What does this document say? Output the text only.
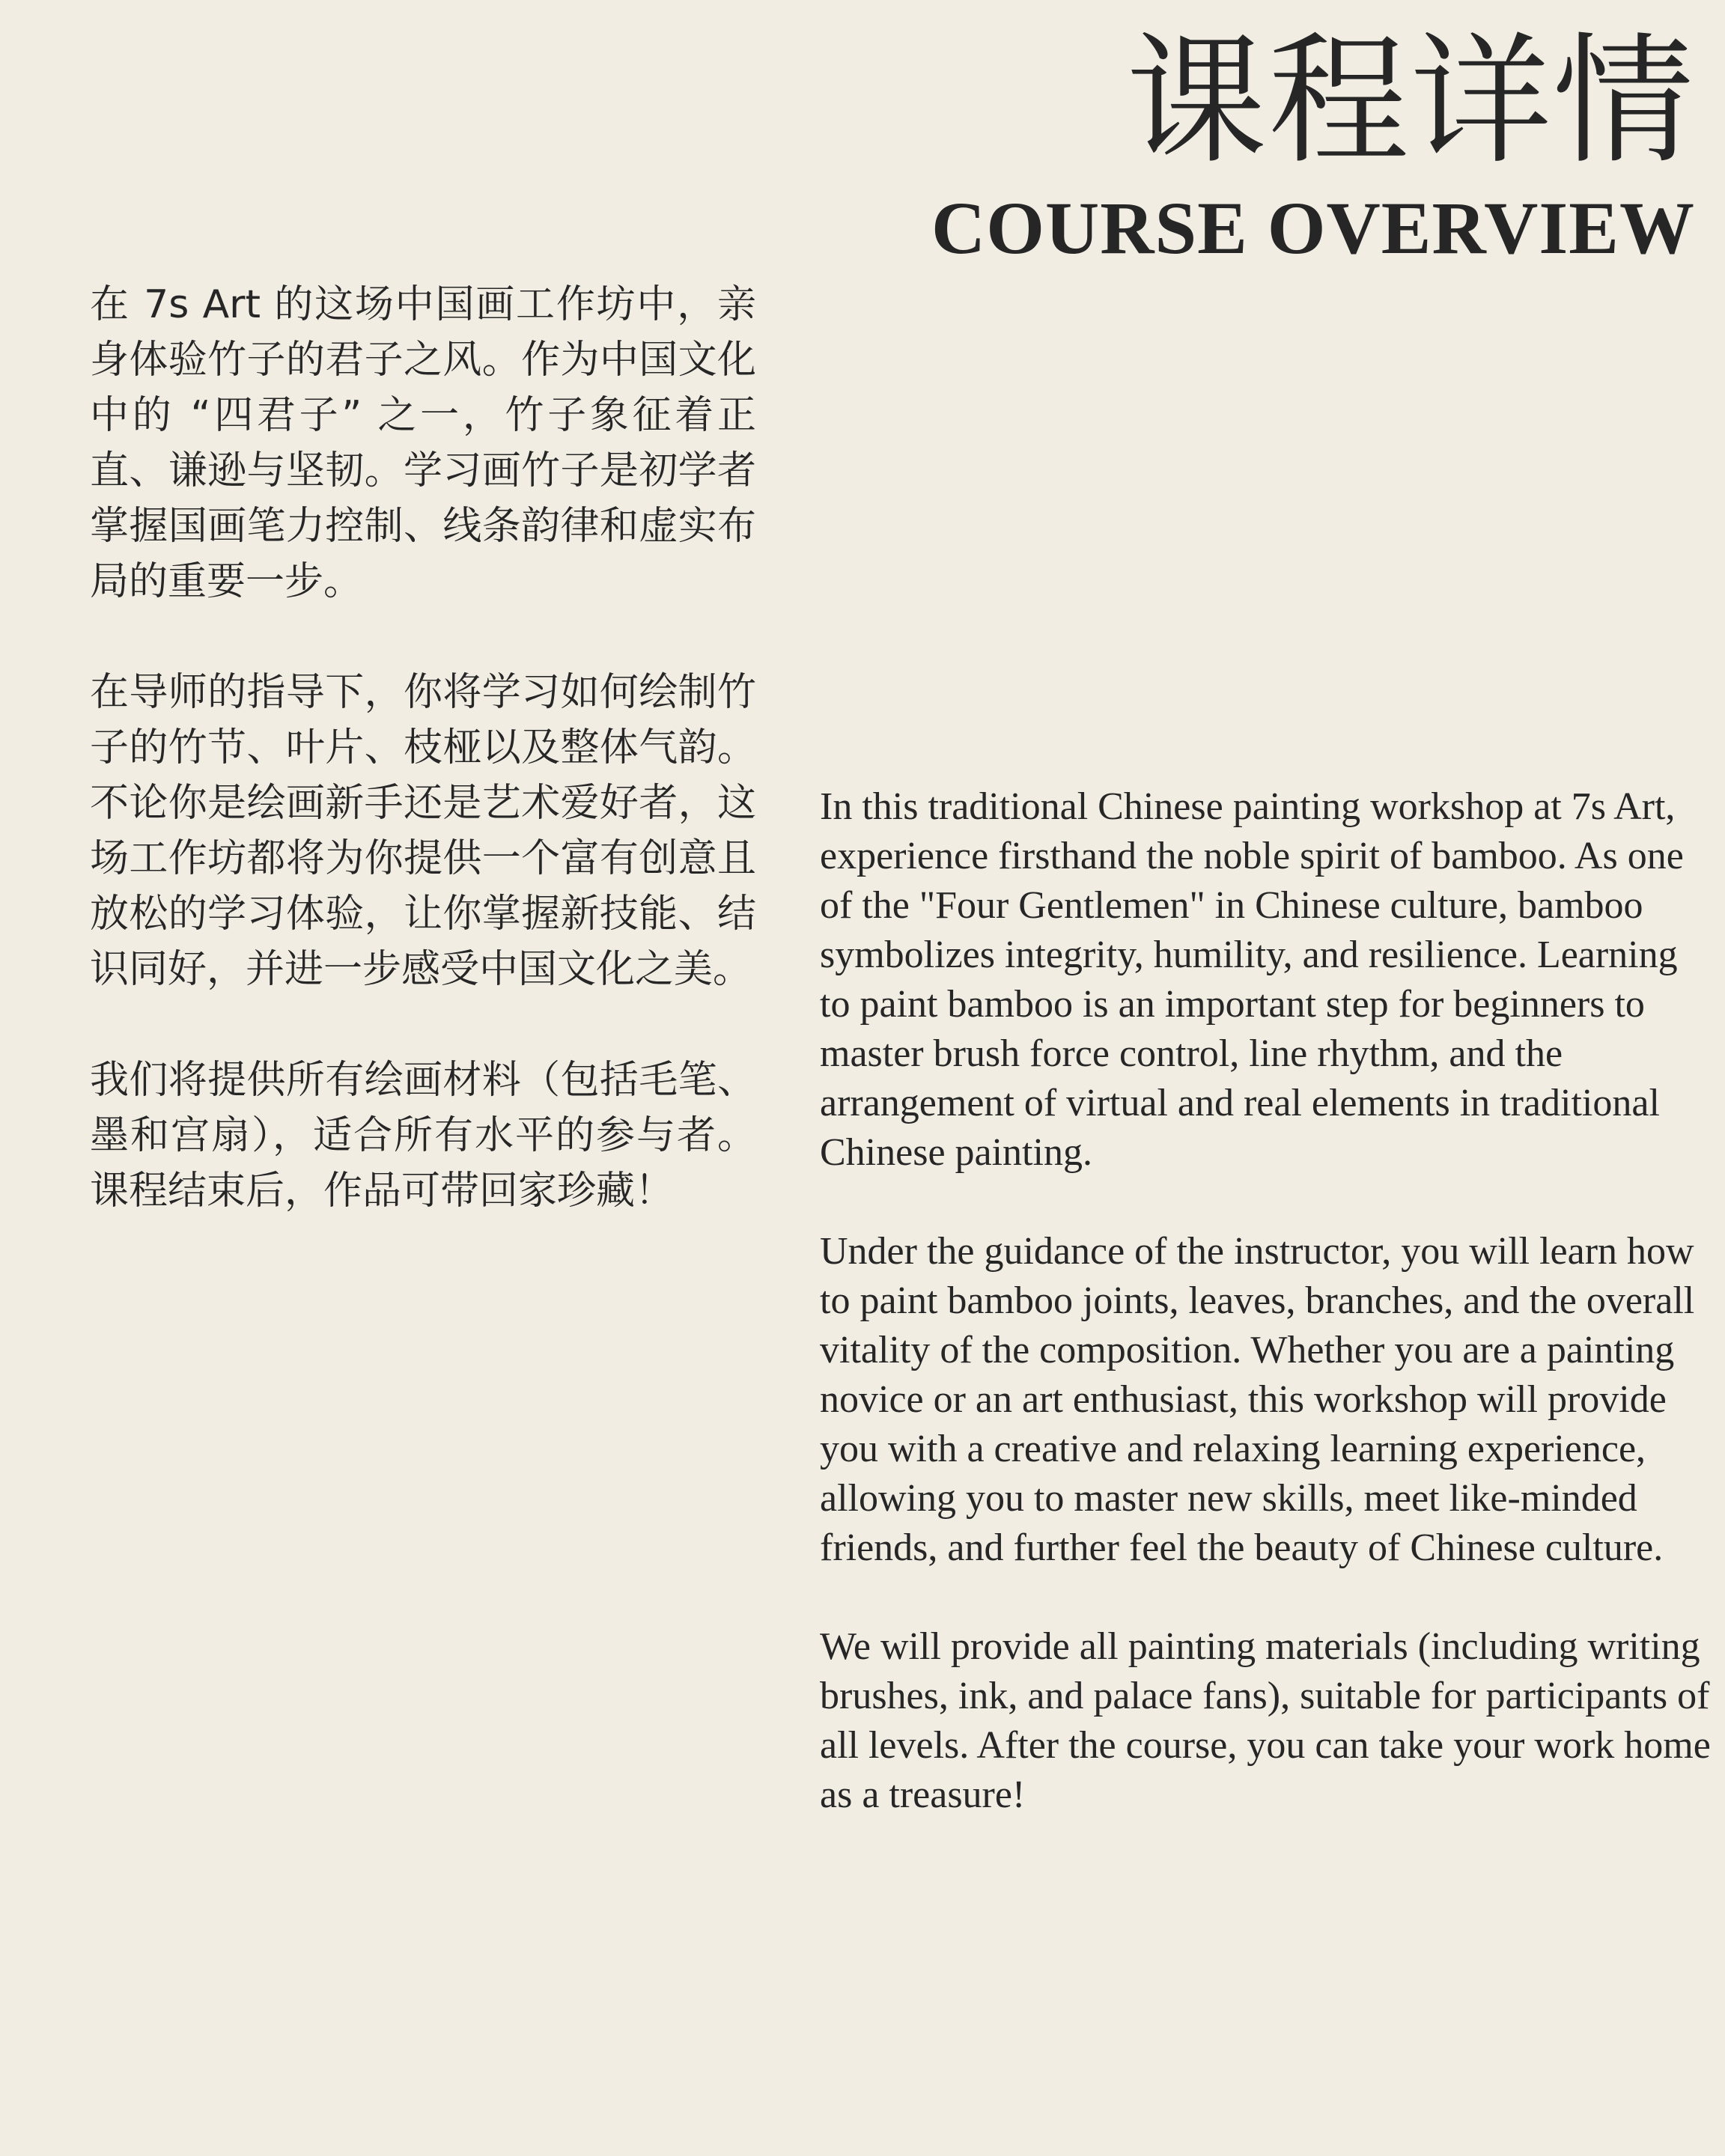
课程详情
COURSE OVERVIEW

在 7s Art 的这场中国画工作坊中，亲身体验竹子的君子之风。作为中国文化中的 “四君子” 之一，竹子象征着正直、谦逊与坚韧。学习画竹子是初学者掌握国画笔力控制、线条韵律和虚实布局的重要一步。

在导师的指导下，你将学习如何绘制竹子的竹节、叶片、枝桠以及整体气韵。不论你是绘画新手还是艺术爱好者，这场工作坊都将为你提供一个富有创意且放松的学习体验，让你掌握新技能、结识同好，并进一步感受中国文化之美。

我们将提供所有绘画材料（包括毛笔、墨和宫扇），适合所有水平的参与者。课程结束后，作品可带回家珍藏！

In this traditional Chinese painting workshop at 7s Art, experience firsthand the noble spirit of bamboo. As one of the "Four Gentlemen" in Chinese culture, bamboo symbolizes integrity, humility, and resilience. Learning to paint bamboo is an important step for beginners to master brush force control, line rhythm, and the arrangement of virtual and real elements in traditional Chinese painting.

Under the guidance of the instructor, you will learn how to paint bamboo joints, leaves, branches, and the overall vitality of the composition. Whether you are a painting novice or an art enthusiast, this workshop will provide you with a creative and relaxing learning experience, allowing you to master new skills, meet like-minded friends, and further feel the beauty of Chinese culture.

We will provide all painting materials (including writing brushes, ink, and palace fans), suitable for participants of all levels. After the course, you can take your work home as a treasure!
